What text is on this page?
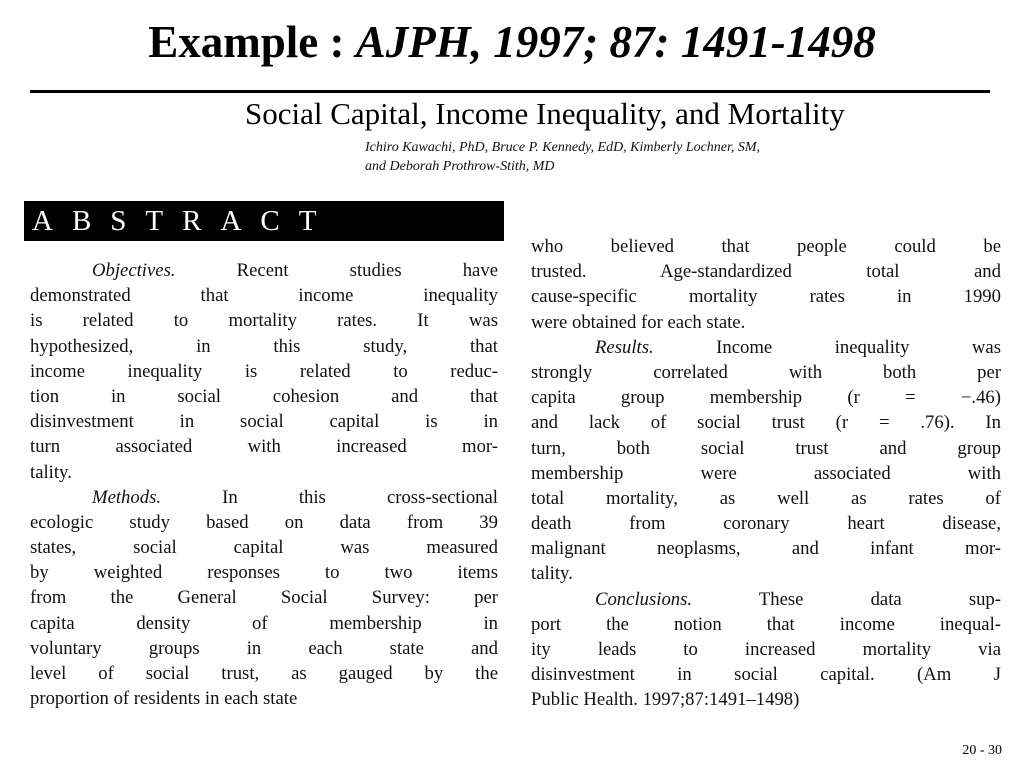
Example : AJPH, 1997; 87: 1491-1498
Social Capital, Income Inequality, and Mortality
Ichiro Kawachi, PhD, Bruce P. Kennedy, EdD, Kimberly Lochner, SM,
and Deborah Prothrow-Stith, MD
ABSTRACT
Objectives. Recent studies have
demonstrated that income inequality
is related to mortality rates. It was
hypothesized, in this study, that
income inequality is related to reduc-
tion in social cohesion and that
disinvestment in social capital is in
turn associated with increased mor-
tality.
Methods. In this cross-sectional
ecologic study based on data from 39
states, social capital was measured
by weighted responses to two items
from the General Social Survey: per
capita density of membership in
voluntary groups in each state and
level of social trust, as gauged by the
proportion of residents in each state
who believed that people could be
trusted. Age-standardized total and
cause-specific mortality rates in 1990
were obtained for each state.
Results. Income inequality was
strongly correlated with both per
capita group membership (r = −.46)
and lack of social trust (r = .76). In
turn, both social trust and group
membership were associated with
total mortality, as well as rates of
death from coronary heart disease,
malignant neoplasms, and infant mor-
tality.
Conclusions. These data sup-
port the notion that income inequal-
ity leads to increased mortality via
disinvestment in social capital. (Am J
Public Health. 1997;87:1491–1498)
20 - 30
